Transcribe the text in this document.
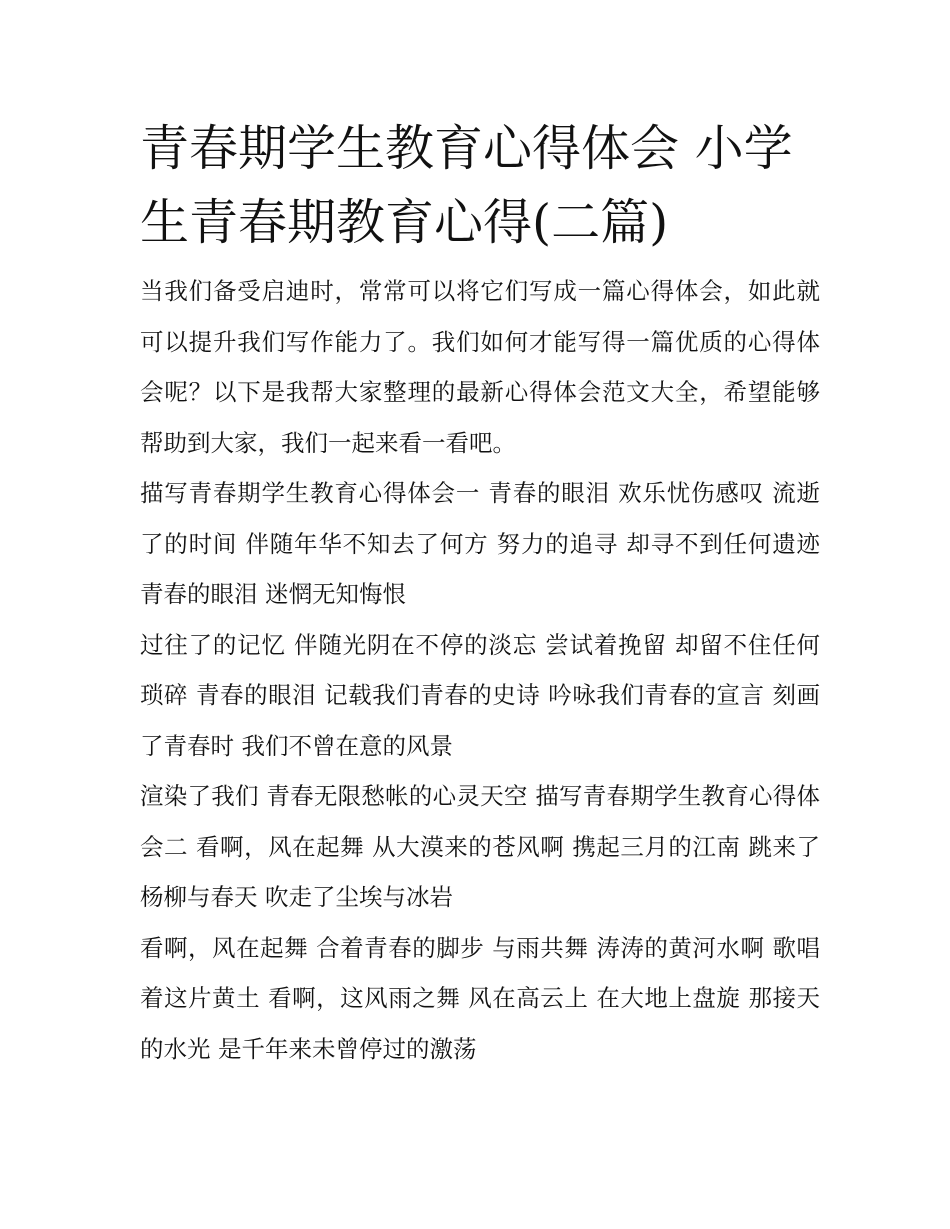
青春期学生教育心得体会 小学生青春期教育心得(二篇)

当我们备受启迪时，常常可以将它们写成一篇心得体会，如此就可以提升我们写作能力了。我们如何才能写得一篇优质的心得体会呢？以下是我帮大家整理的最新心得体会范文大全，希望能够帮助到大家，我们一起来看一看吧。

描写青春期学生教育心得体会一 青春的眼泪 欢乐忧伤感叹 流逝了的时间 伴随年华不知去了何方 努力的追寻 却寻不到任何遗迹 青春的眼泪 迷惘无知悔恨

过往了的记忆 伴随光阴在不停的淡忘 尝试着挽留 却留不住任何琐碎 青春的眼泪 记载我们青春的史诗 吟咏我们青春的宣言 刻画了青春时 我们不曾在意的风景

渲染了我们 青春无限愁帐的心灵天空 描写青春期学生教育心得体会二 看啊，风在起舞 从大漠来的苍风啊 携起三月的江南 跳来了杨柳与春天 吹走了尘埃与冰岩

看啊，风在起舞 合着青春的脚步 与雨共舞 涛涛的黄河水啊 歌唱着这片黄土 看啊，这风雨之舞 风在高云上 在大地上盘旋 那接天的水光 是千年来未曾停过的激荡
